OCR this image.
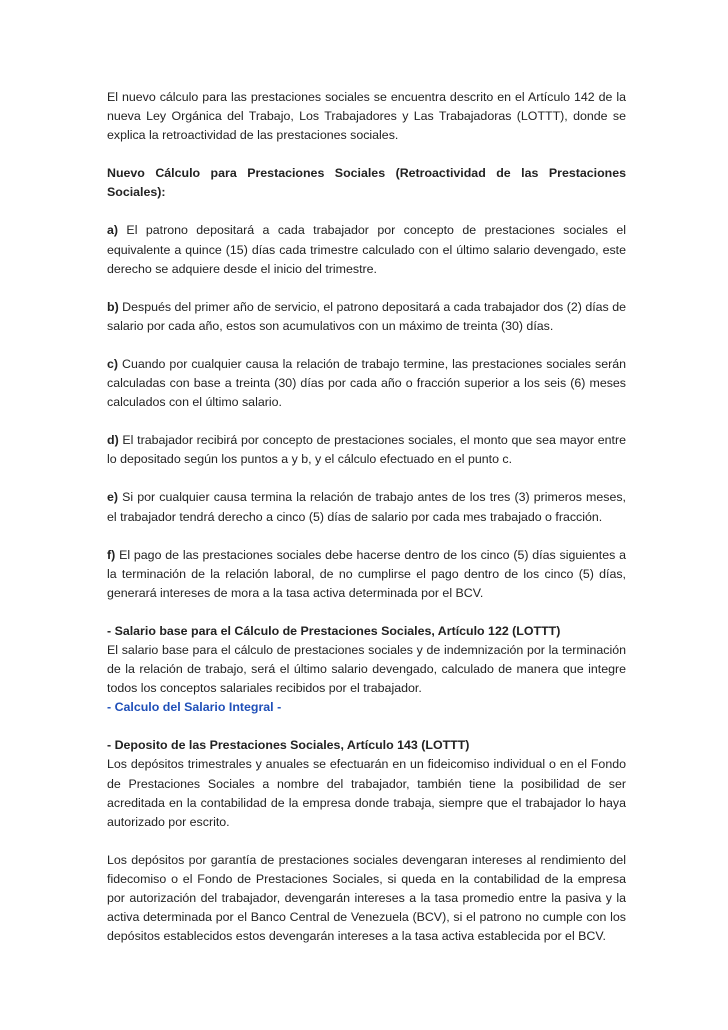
El nuevo cálculo para las prestaciones sociales se encuentra descrito en el Artículo 142 de la nueva Ley Orgánica del Trabajo, Los Trabajadores y Las Trabajadoras (LOTTT), donde se explica la retroactividad de las prestaciones sociales.

Nuevo Cálculo para Prestaciones Sociales (Retroactividad de las Prestaciones Sociales):

a) El patrono depositará a cada trabajador por concepto de prestaciones sociales el equivalente a quince (15) días cada trimestre calculado con el último salario devengado, este derecho se adquiere desde el inicio del trimestre.

b) Después del primer año de servicio, el patrono depositará a cada trabajador dos (2) días de salario por cada año, estos son acumulativos con un máximo de treinta (30) días.

c) Cuando por cualquier causa la relación de trabajo termine, las prestaciones sociales serán calculadas con base a treinta (30) días por cada año o fracción superior a los seis (6) meses calculados con el último salario.

d) El trabajador recibirá por concepto de prestaciones sociales, el monto que sea mayor entre lo depositado según los puntos a y b, y el cálculo efectuado en el punto c.

e) Si por cualquier causa termina la relación de trabajo antes de los tres (3) primeros meses, el trabajador tendrá derecho a cinco (5) días de salario por cada mes trabajado o fracción.

f) El pago de las prestaciones sociales debe hacerse dentro de los cinco (5) días siguientes a la terminación de la relación laboral, de no cumplirse el pago dentro de los cinco (5) días, generará intereses de mora a la tasa activa determinada por el BCV.

- Salario base para el Cálculo de Prestaciones Sociales, Artículo 122 (LOTTT)
El salario base para el cálculo de prestaciones sociales y de indemnización por la terminación de la relación de trabajo, será el último salario devengado, calculado de manera que integre todos los conceptos salariales recibidos por el trabajador.
- Calculo del Salario Integral -
- Deposito de las Prestaciones Sociales, Artículo 143 (LOTTT)
Los depósitos trimestrales y anuales se efectuarán en un fideicomiso individual o en el Fondo de Prestaciones Sociales a nombre del trabajador, también tiene la posibilidad de ser acreditada en la contabilidad de la empresa donde trabaja, siempre que el trabajador lo haya autorizado por escrito.

Los depósitos por garantía de prestaciones sociales devengaran intereses al rendimiento del fidecomiso o el Fondo de Prestaciones Sociales, si queda en la contabilidad de la empresa por autorización del trabajador, devengarán intereses a la tasa promedio entre la pasiva y la activa determinada por el Banco Central de Venezuela (BCV), si el patrono no cumple con los depósitos establecidos estos devengarán intereses a la tasa activa establecida por el BCV.
